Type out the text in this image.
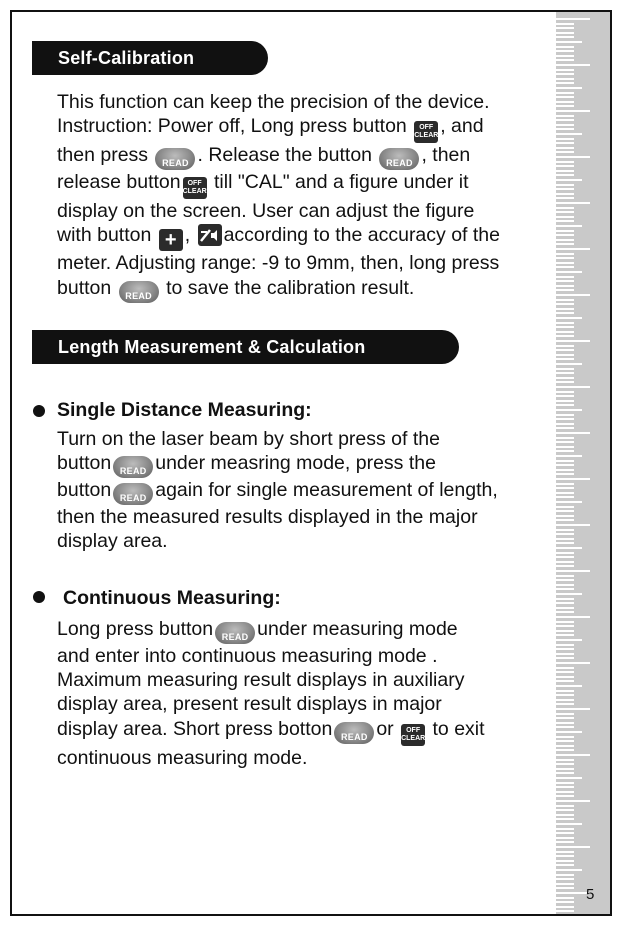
5
Self-Calibration
This function can keep the precision of the device.
Instruction: Power off, Long press button	OFF
CLEAR , and
then press READ . Release the button READ , then
release button	OFF
CLEAR till "CAL" and a figure under it
display on the screen. User can adjust the figure
with button + , according to the accuracy of the
meter. Adjusting range: -9 to 9mm, then, long press
button READ to save the calibration result.
Length Measurement & Calculation
Single Distance Measuring:
Turn on the laser beam by short press of the
button READ under measring mode, press the
button READ again for single measurement of length,
then the measured results displayed in the major
display area.
Continuous Measuring:
Long press button READ under measuring mode
and enter into continuous measuring mode .
Maximum measuring result displays in auxiliary
display area, present result displays in major
display area. Short press botton READ or	OFF
CLEAR to exit
continuous measuring mode.
